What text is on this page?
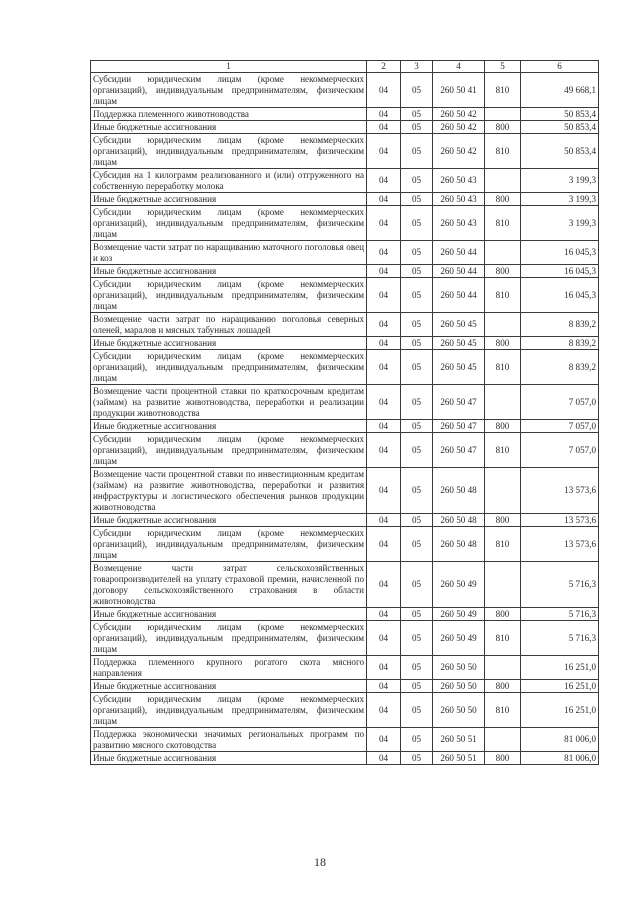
1	2	3	4	5	6
Субсидии юридическим лицам (кроме некоммерческих организаций), индивидуальным предпринимателям, физическим лицам	04	05	260 50 41	810	49 668,1
Поддержка племенного животноводства	04	05	260 50 42		50 853,4
Иные бюджетные ассигнования	04	05	260 50 42	800	50 853,4
Субсидии юридическим лицам (кроме некоммерческих организаций), индивидуальным предпринимателям, физическим лицам	04	05	260 50 42	810	50 853,4
Субсидия на 1 килограмм реализованного и (или) отгруженного на собственную переработку молока	04	05	260 50 43		3 199,3
Иные бюджетные ассигнования	04	05	260 50 43	800	3 199,3
Субсидии юридическим лицам (кроме некоммерческих организаций), индивидуальным предпринимателям, физическим лицам	04	05	260 50 43	810	3 199,3
Возмещение части затрат по наращиванию маточного поголовья овец и коз	04	05	260 50 44		16 045,3
Иные бюджетные ассигнования	04	05	260 50 44	800	16 045,3
Субсидии юридическим лицам (кроме некоммерческих организаций), индивидуальным предпринимателям, физическим лицам	04	05	260 50 44	810	16 045,3
Возмещение части затрат по наращиванию поголовья северных оленей, маралов и мясных табунных лошадей	04	05	260 50 45		8 839,2
Иные бюджетные ассигнования	04	05	260 50 45	800	8 839,2
Субсидии юридическим лицам (кроме некоммерческих организаций), индивидуальным предпринимателям, физическим лицам	04	05	260 50 45	810	8 839,2
Возмещение части процентной ставки по краткосрочным кредитам (займам) на развитие животноводства, переработки и реализации продукции животноводства	04	05	260 50 47		7 057,0
Иные бюджетные ассигнования	04	05	260 50 47	800	7 057,0
Субсидии юридическим лицам (кроме некоммерческих организаций), индивидуальным предпринимателям, физическим лицам	04	05	260 50 47	810	7 057,0
Возмещение части процентной ставки по инвестиционным кредитам (займам) на развитие животноводства, переработки и развития инфраструктуры и логистического обеспечения рынков продукции животноводства	04	05	260 50 48		13 573,6
Иные бюджетные ассигнования	04	05	260 50 48	800	13 573,6
Субсидии юридическим лицам (кроме некоммерческих организаций), индивидуальным предпринимателям, физическим лицам	04	05	260 50 48	810	13 573,6
Возмещение части затрат сельскохозяйственных товаропроизводителей на уплату страховой премии, начисленной по договору сельскохозяйственного страхования в области животноводства	04	05	260 50 49		5 716,3
Иные бюджетные ассигнования	04	05	260 50 49	800	5 716,3
Субсидии юридическим лицам (кроме некоммерческих организаций), индивидуальным предпринимателям, физическим лицам	04	05	260 50 49	810	5 716,3
Поддержка племенного крупного рогатого скота мясного направления	04	05	260 50 50		16 251,0
Иные бюджетные ассигнования	04	05	260 50 50	800	16 251,0
Субсидии юридическим лицам (кроме некоммерческих организаций), индивидуальным предпринимателям, физическим лицам	04	05	260 50 50	810	16 251,0
Поддержка экономически значимых региональных программ по развитию мясного скотоводства	04	05	260 50 51		81 006,0
Иные бюджетные ассигнования	04	05	260 50 51	800	81 006,0
18
